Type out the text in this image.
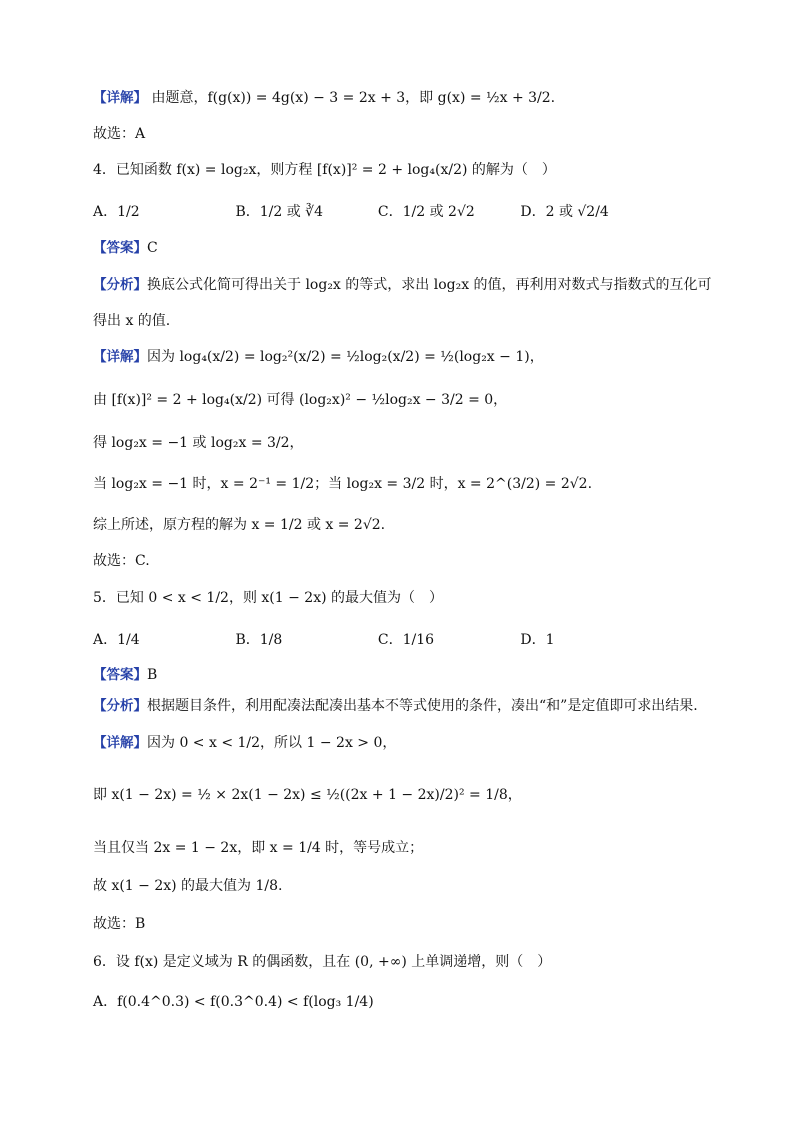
【详解】 由题意，f(g(x)) = 4g(x) − 3 = 2x + 3，即 g(x) = ½x + 3/2.
故选：A
4．已知函数 f(x) = log₂x，则方程 [f(x)]² = 2 + log₄(x/2) 的解为（　）
A．1/2	B．1/2 或 ∛4	C．1/2 或 2√2	D．2 或 √2/4
【答案】C
【分析】换底公式化简可得出关于 log₂x 的等式，求出 log₂x 的值，再利用对数式与指数式的互化可
得出 x 的值.
【详解】因为 log₄(x/2) = log₂²(x/2) = ½log₂(x/2) = ½(log₂x − 1)，
由 [f(x)]² = 2 + log₄(x/2) 可得 (log₂x)² − ½log₂x − 3/2 = 0，
得 log₂x = −1 或 log₂x = 3/2，
当 log₂x = −1 时，x = 2⁻¹ = 1/2；当 log₂x = 3/2 时，x = 2^(3/2) = 2√2.
综上所述，原方程的解为 x = 1/2 或 x = 2√2.
故选：C.
5．已知 0 < x < 1/2，则 x(1 − 2x) 的最大值为（　）
A．1/4	B．1/8	C．1/16	D．1
【答案】B
【分析】根据题目条件，利用配凑法配凑出基本不等式使用的条件，凑出“和”是定值即可求出结果.
【详解】因为 0 < x < 1/2，所以 1 − 2x > 0，
即 x(1 − 2x) = ½ × 2x(1 − 2x) ≤ ½((2x + 1 − 2x)/2)² = 1/8，
当且仅当 2x = 1 − 2x，即 x = 1/4 时，等号成立；
故 x(1 − 2x) 的最大值为 1/8.
故选：B
6．设 f(x) 是定义域为 R 的偶函数，且在 (0, +∞) 上单调递增，则（　）
A．f(0.4^0.3) < f(0.3^0.4) < f(log₃ 1/4)
